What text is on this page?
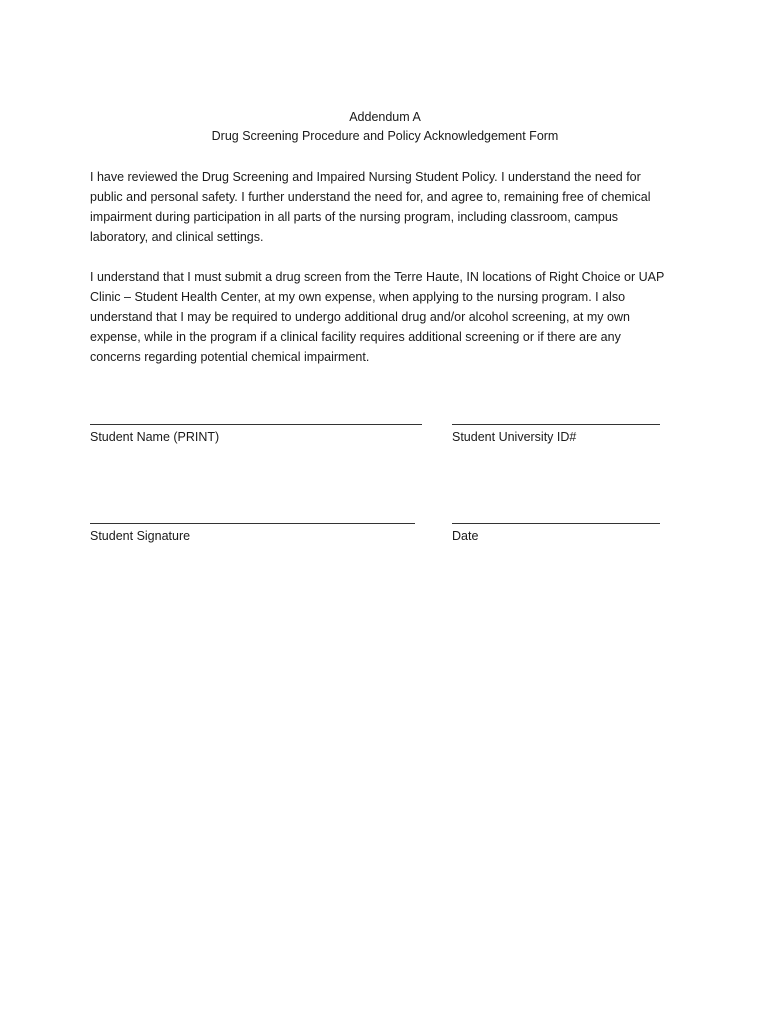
Addendum A
Drug Screening Procedure and Policy Acknowledgement Form

I have reviewed the Drug Screening and Impaired Nursing Student Policy. I understand the need for
public and personal safety. I further understand the need for, and agree to, remaining free of chemical
impairment during participation in all parts of the nursing program, including classroom, campus
laboratory, and clinical settings.

I understand that I must submit a drug screen from the Terre Haute, IN locations of Right Choice or UAP
Clinic – Student Health Center, at my own expense, when applying to the nursing program. I also
understand that I may be required to undergo additional drug and/or alcohol screening, at my own
expense, while in the program if a clinical facility requires additional screening or if there are any
concerns regarding potential chemical impairment.

Student Name (PRINT)	Student University ID#
Student Signature	Date
